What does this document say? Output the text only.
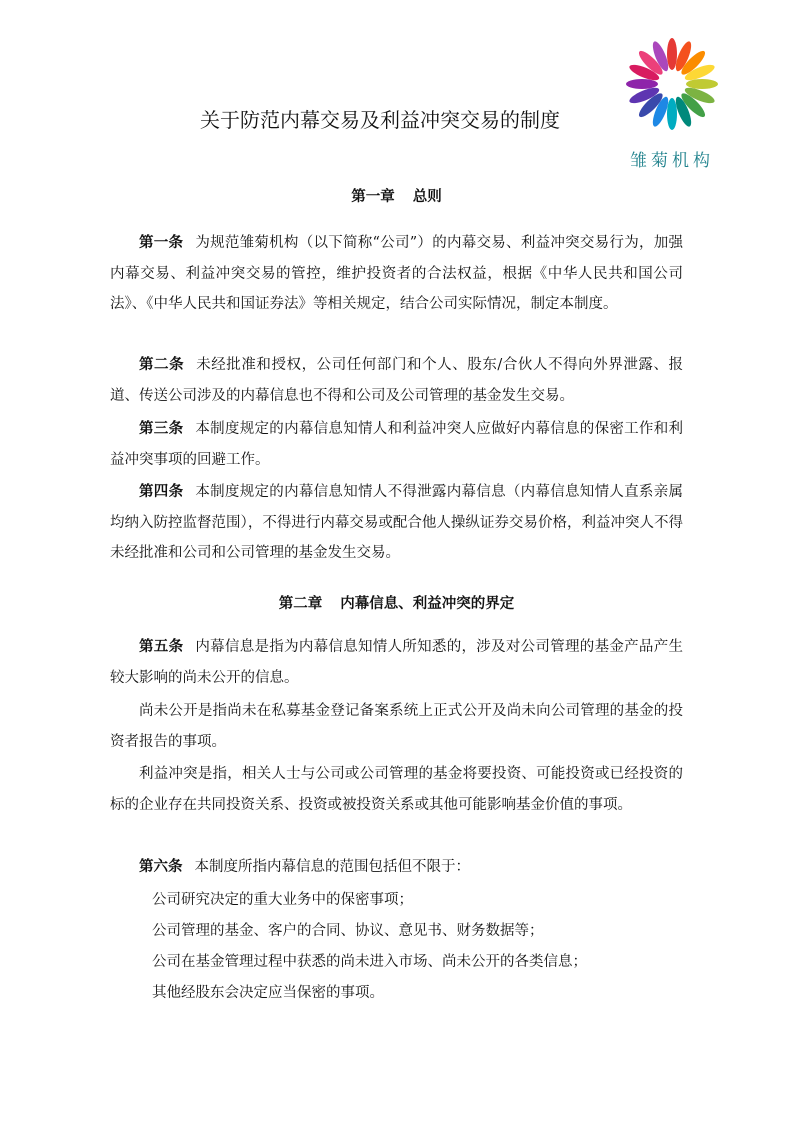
雏菊机构
关于防范内幕交易及利益冲突交易的制度
第一章 总则

第一条 为规范雏菊机构（以下简称“公司”）的内幕交易、利益冲突交易行为，加强内幕交易、利益冲突交易的管控，维护投资者的合法权益，根据《中华人民共和国公司法》、《中华人民共和国证券法》等相关规定，结合公司实际情况，制定本制度。

第二条 未经批准和授权，公司任何部门和个人、股东/合伙人不得向外界泄露、报道、传送公司涉及的内幕信息也不得和公司及公司管理的基金发生交易。

第三条 本制度规定的内幕信息知情人和利益冲突人应做好内幕信息的保密工作和利益冲突事项的回避工作。

第四条 本制度规定的内幕信息知情人不得泄露内幕信息（内幕信息知情人直系亲属均纳入防控监督范围），不得进行内幕交易或配合他人操纵证券交易价格，利益冲突人不得未经批准和公司和公司管理的基金发生交易。

第二章 内幕信息、利益冲突的界定

第五条 内幕信息是指为内幕信息知情人所知悉的，涉及对公司管理的基金产品产生较大影响的尚未公开的信息。

尚未公开是指尚未在私募基金登记备案系统上正式公开及尚未向公司管理的基金的投资者报告的事项。

利益冲突是指，相关人士与公司或公司管理的基金将要投资、可能投资或已经投资的标的企业存在共同投资关系、投资或被投资关系或其他可能影响基金价值的事项。

第六条 本制度所指内幕信息的范围包括但不限于：

公司研究决定的重大业务中的保密事项；

公司管理的基金、客户的合同、协议、意见书、财务数据等；

公司在基金管理过程中获悉的尚未进入市场、尚未公开的各类信息；

其他经股东会决定应当保密的事项。
